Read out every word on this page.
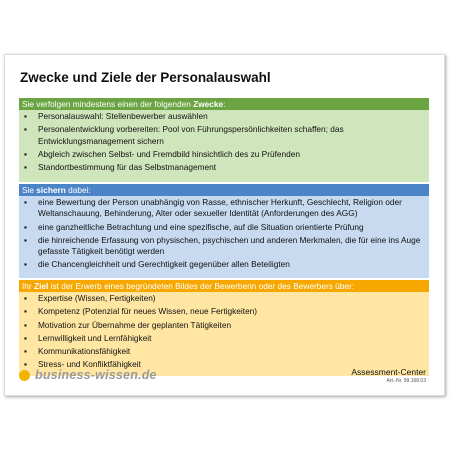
Zwecke und Ziele der Personalauswahl
Sie verfolgen mindestens einen der folgenden Zwecke:
▪	Personalauswahl: Stellenbewerber auswählen
▪	Personalentwicklung vorbereiten: Pool von Führungspersönlichkeiten schaffen; das Entwicklungsmanagement sichern
▪	Abgleich zwischen Selbst- und Fremdbild hinsichtlich des zu Prüfenden
▪	Standortbestimmung für das Selbstmanagement
Sie sichern dabei:
▪	eine Bewertung der Person unabhängig von Rasse, ethnischer Herkunft, Geschlecht, Religion oder Weltanschauung, Behinderung, Alter oder sexueller Identität (Anforderungen des AGG)
▪	eine ganzheitliche Betrachtung und eine spezifische, auf die Situation orientierte Prüfung
▪	die hinreichende Erfassung von physischen, psychischen und anderen Merkmalen, die für eine ins Auge gefasste Tätigkeit benötigt werden
▪	die Chancengleichheit und Gerechtigkeit gegenüber allen Beteiligten
Ihr Ziel ist der Erwerb eines begründeten Bildes der Bewerberin oder des Bewerbers über:
▪	Expertise (Wissen, Fertigkeiten)
▪	Kompetenz (Potenzial für neues Wissen, neue Fertigkeiten)
▪	Motivation zur Übernahme der geplanten Tätigkeiten
▪	Lernwilligkeit und Lernfähigkeit
▪	Kommunikationsfähigkeit
▪	Stress- und Konfliktfähigkeit
business-wissen.de	Assessment-Center
Art.-Nr. 99.168.03
